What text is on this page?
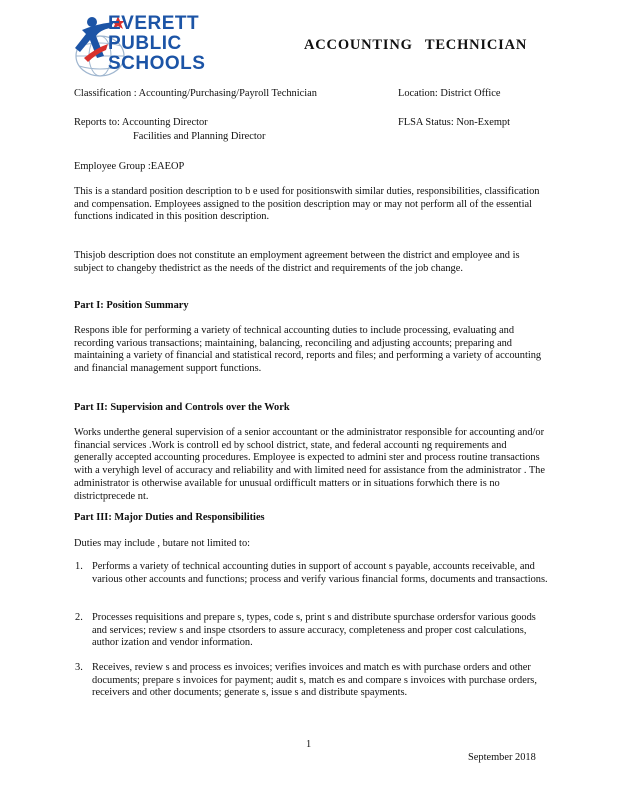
EVERETT
PUBLIC
SCHOOLS
ACCOUNTING TECHNICIAN
Classification : Accounting/Purchasing/Payroll Technician	Location: District Office
Reports to: Accounting Director
Facilities and Planning Director
FLSA Status: Non-Exempt
Employee Group :EAEOP
This is a standard position description to b e used for positionswith similar duties, responsibilities, classification and compensation. Employees assigned to the position description may or may not perform all of the essential functions indicated in this position description.
Thisjob description does not constitute an employment agreement between the district and employee and is subject to changeby thedistrict as the needs of the district and requirements of the job change.
Part I: Position Summary
Respons ible for performing a variety of technical accounting duties to include processing, evaluating and recording various transactions; maintaining, balancing, reconciling and adjusting accounts; preparing and maintaining a variety of financial and statistical record, reports and files; and performing a variety of accounting and financial management support functions.
Part II: Supervision and Controls over the Work
Works underthe general supervision of a senior accountant or the administrator responsible for accounting and/or financial services .Work is controll ed by school district, state, and federal accounti ng requirements and generally accepted accounting procedures. Employee is expected to admini ster and process routine transactions with a veryhigh level of accuracy and reliability and with limited need for assistance from the administrator . The administrator is otherwise available for unusual ordifficult matters or in situations forwhich there is no districtprecede nt.
Part III: Major Duties and Responsibilities
Duties may include , butare not limited to:
1. Performs a variety of technical accounting duties in support of account s payable, accounts receivable, and various other accounts and functions; process and verify various financial forms, documents and transactions.
2. Processes requisitions and prepare s, types, code s, print s and distribute spurchase ordersfor various goods and services; review s and inspe ctsorders to assure accuracy, completeness and proper cost calculations, author ization and vendor information.
3. Receives, review s and process es invoices; verifies invoices and match es with purchase orders and other documents; prepare s invoices for payment; audit s, match es and compare s invoices with purchase orders, receivers and other documents; generate s, issue s and distribute spayments.
1
September 2018
